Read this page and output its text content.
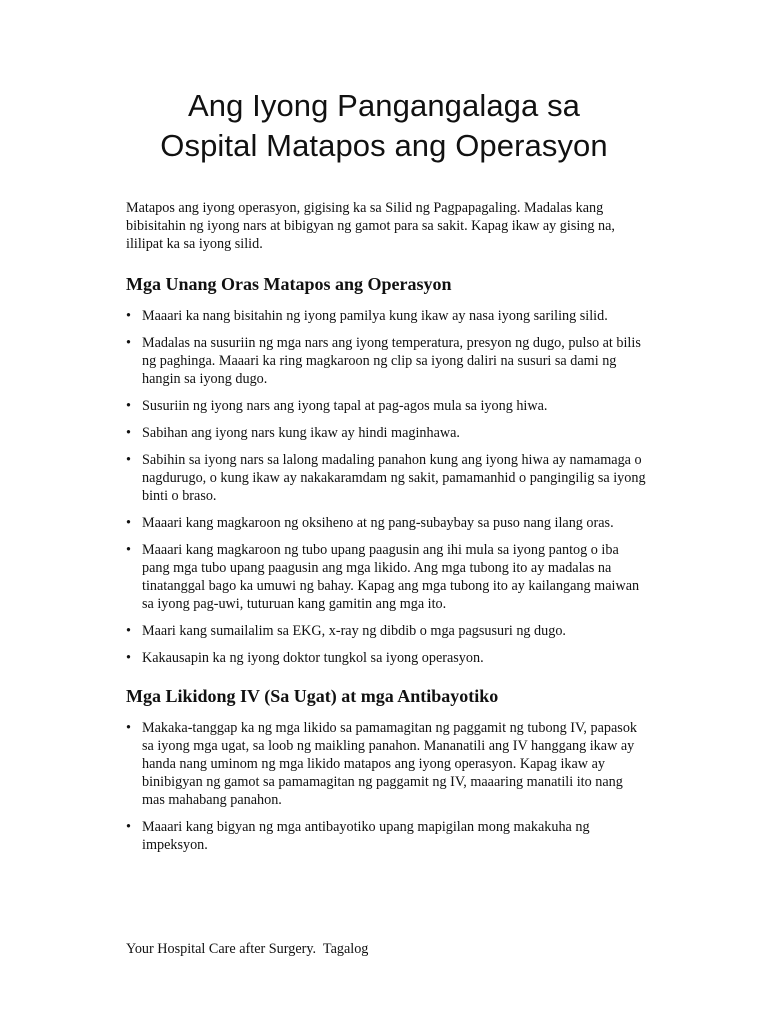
Ang Iyong Pangangalaga sa
Ospital Matapos ang Operasyon

Matapos ang iyong operasyon, gigising ka sa Silid ng Pagpapagaling. Madalas kang bibisitahin ng iyong nars at bibigyan ng gamot para sa sakit. Kapag ikaw ay gising na, ililipat ka sa iyong silid.

Mga Unang Oras Matapos ang Operasyon
• Maaari ka nang bisitahin ng iyong pamilya kung ikaw ay nasa iyong sariling silid.
• Madalas na susuriin ng mga nars ang iyong temperatura, presyon ng dugo, pulso at bilis ng paghinga. Maaari ka ring magkaroon ng clip sa iyong daliri na susuri sa dami ng hangin sa iyong dugo.
• Susuriin ng iyong nars ang iyong tapal at pag-agos mula sa iyong hiwa.
• Sabihan ang iyong nars kung ikaw ay hindi maginhawa.
• Sabihin sa iyong nars sa lalong madaling panahon kung ang iyong hiwa ay namamaga o nagdurugo, o kung ikaw ay nakakaramdam ng sakit, pamamanhid o pangingilig sa iyong binti o braso.
• Maaari kang magkaroon ng oksiheno at ng pang-subaybay sa puso nang ilang oras.
• Maaari kang magkaroon ng tubo upang paagusin ang ihi mula sa iyong pantog o iba pang mga tubo upang paagusin ang mga likido. Ang mga tubong ito ay madalas na tinatanggal bago ka umuwi ng bahay. Kapag ang mga tubong ito ay kailangang maiwan sa iyong pag-uwi, tuturuan kang gamitin ang mga ito.
• Maari kang sumailalim sa EKG, x-ray ng dibdib o mga pagsusuri ng dugo.
• Kakausapin ka ng iyong doktor tungkol sa iyong operasyon.
Mga Likidong IV (Sa Ugat) at mga Antibayotiko
• Makaka-tanggap ka ng mga likido sa pamamagitan ng paggamit ng tubong IV, papasok sa iyong mga ugat, sa loob ng maikling panahon. Mananatili ang IV hanggang ikaw ay handa nang uminom ng mga likido matapos ang iyong operasyon. Kapag ikaw ay binibigyan ng gamot sa pamamagitan ng paggamit ng IV, maaaring manatili ito nang mas mahabang panahon.
• Maaari kang bigyan ng mga antibayotiko upang mapigilan mong makakuha ng impeksyon.
Your Hospital Care after Surgery.  Tagalog
